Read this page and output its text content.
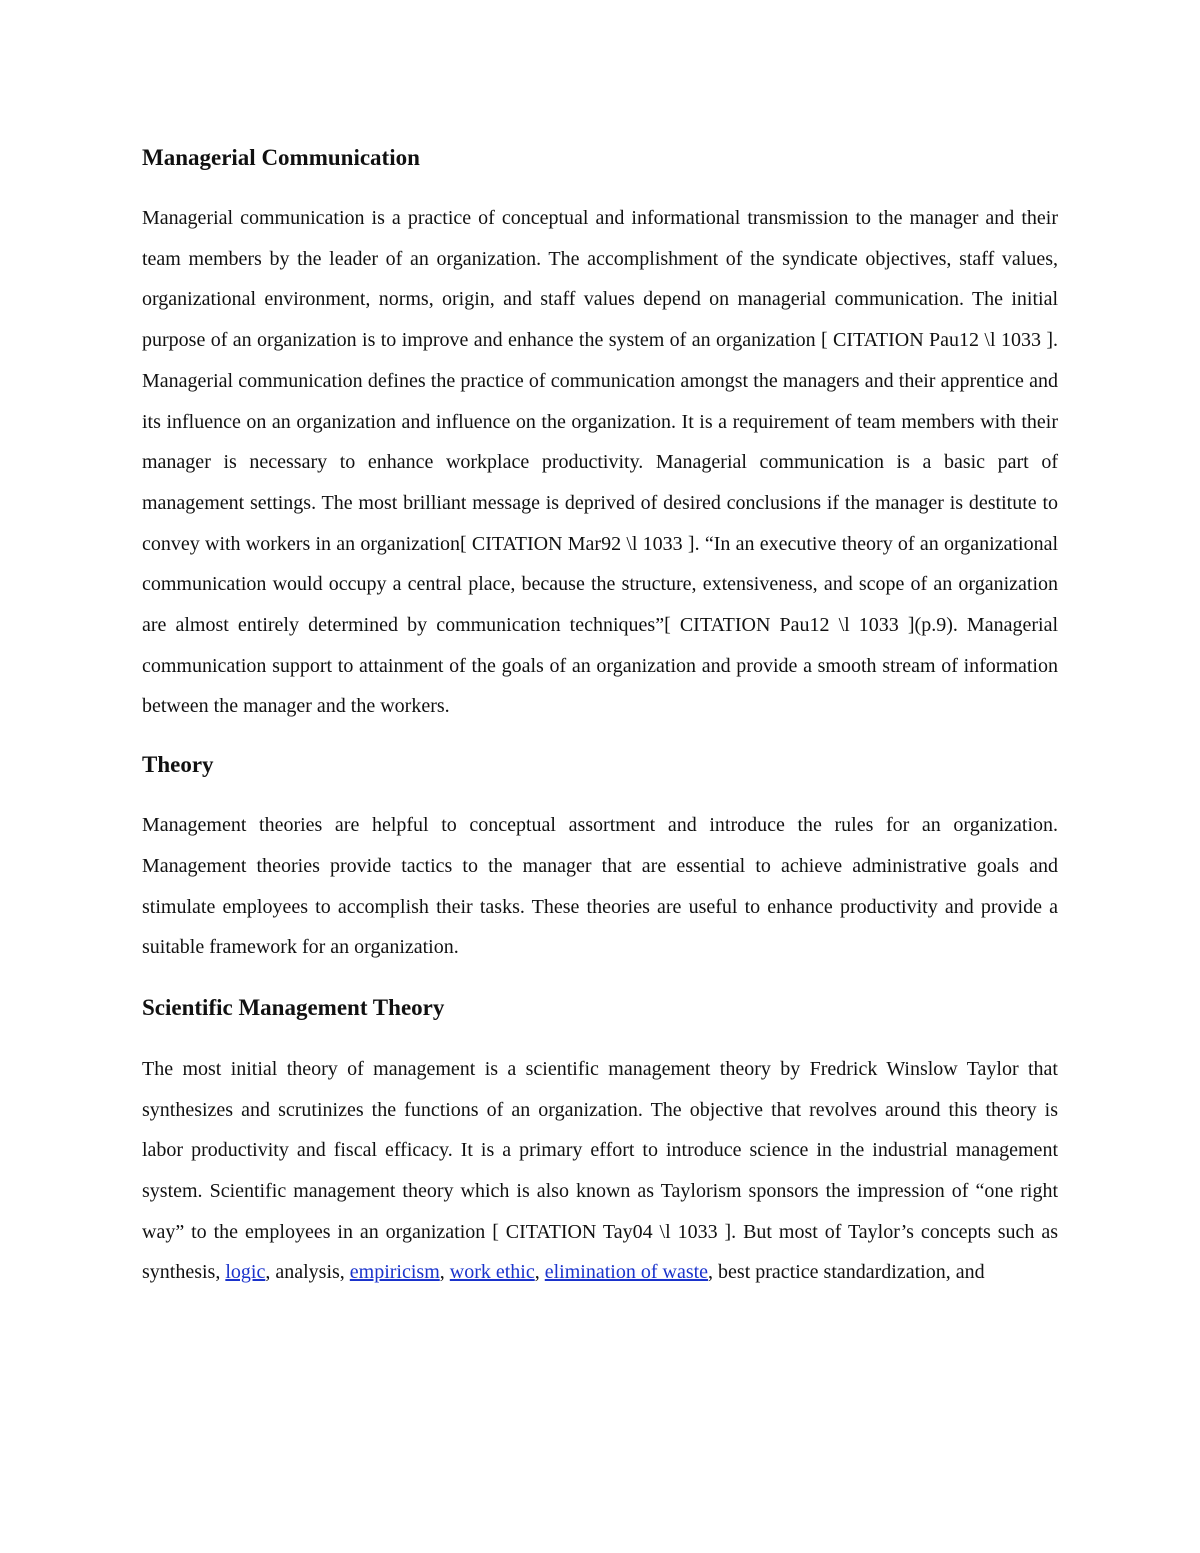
Managerial Communication

Managerial communication is a practice of conceptual and informational transmission to the manager and their team members by the leader of an organization. The accomplishment of the syndicate objectives, staff values, organizational environment, norms, origin, and staff values depend on managerial communication. The initial purpose of an organization is to improve and enhance the system of an organization [ CITATION Pau12 \l 1033 ]. Managerial communication defines the practice of communication amongst the managers and their apprentice and its influence on an organization and influence on the organization. It is a requirement of team members with their manager is necessary to enhance workplace productivity. Managerial communication is a basic part of management settings. The most brilliant message is deprived of desired conclusions if the manager is destitute to convey with workers in an organization[ CITATION Mar92 \l 1033 ]. “In an executive theory of an organizational communication would occupy a central place, because the structure, extensiveness, and scope of an organization are almost entirely determined by communication techniques”[ CITATION Pau12 \l 1033 ](p.9). Managerial communication support to attainment of the goals of an organization and provide a smooth stream of information between the manager and the workers.

Theory

Management theories are helpful to conceptual assortment and introduce the rules for an organization. Management theories provide tactics to the manager that are essential to achieve administrative goals and stimulate employees to accomplish their tasks. These theories are useful to enhance productivity and provide a suitable framework for an organization.

Scientific Management Theory

The most initial theory of management is a scientific management theory by Fredrick Winslow Taylor that synthesizes and scrutinizes the functions of an organization. The objective that revolves around this theory is labor productivity and fiscal efficacy. It is a primary effort to introduce science in the industrial management system. Scientific management theory which is also known as Taylorism sponsors the impression of “one right way” to the employees in an organization [ CITATION Tay04 \l 1033 ]. But most of Taylor’s concepts such as synthesis, logic, analysis, empiricism, work ethic, elimination of waste, best practice standardization, and
